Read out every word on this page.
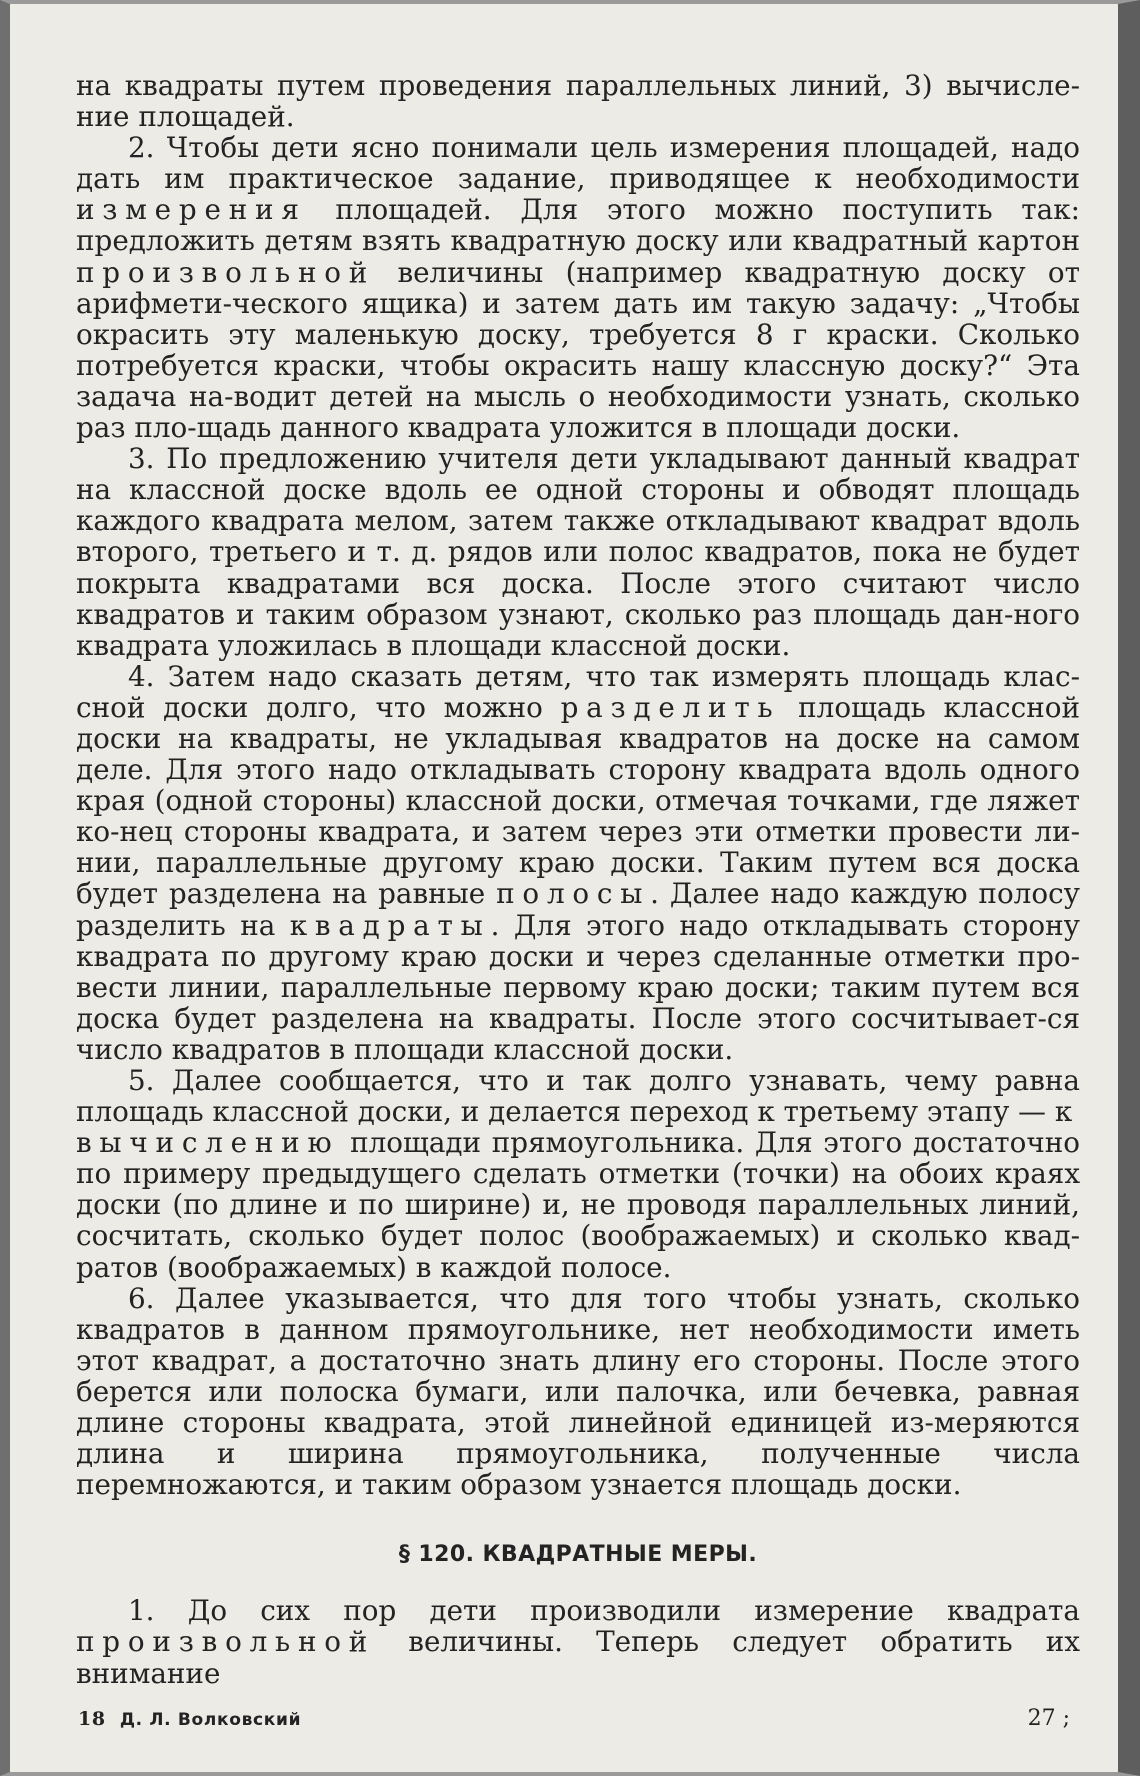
на квадраты путем проведения параллельных линий, 3) вычисле-ние площадей.

2. Чтобы дети ясно понимали цель измерения площадей, надо дать им практическое задание, приводящее к необходимости измерения площадей. Для этого можно поступить так: предложить детям взять квадратную доску или квадратный картон произвольной величины (например квадратную доску от арифмети-ческого ящика) и затем дать им такую задачу: „Чтобы окрасить эту маленькую доску, требуется 8 г краски. Сколько потребуется краски, чтобы окрасить нашу классную доску?“ Эта задача на-водит детей на мысль о необходимости узнать, сколько раз пло-щадь данного квадрата уложится в площади доски.

3. По предложению учителя дети укладывают данный квадрат на классной доске вдоль ее одной стороны и обводят площадь каждого квадрата мелом, затем также откладывают квадрат вдоль второго, третьего и т. д. рядов или полос квадратов, пока не будет покрыта квадратами вся доска. После этого считают число квадратов и таким образом узнают, сколько раз площадь дан-ного квадрата уложилась в площади классной доски.

4. Затем надо сказать детям, что так измерять площадь клас-сной доски долго, что можно разделить площадь классной доски на квадраты, не укладывая квадратов на доске на самом деле. Для этого надо откладывать сторону квадрата вдоль одного края (одной стороны) классной доски, отмечая точками, где ляжет ко-нец стороны квадрата, и затем через эти отметки провести ли-нии, параллельные другому краю доски. Таким путем вся доска будет разделена на равные полосы. Далее надо каждую полосу разделить на квадраты. Для этого надо откладывать сторону квадрата по другому краю доски и через сделанные отметки про-вести линии, параллельные первому краю доски; таким путем вся доска будет разделена на квадраты. После этого сосчитывает-ся число квадратов в площади классной доски.

5. Далее сообщается, что и так долго узнавать, чему равна площадь классной доски, и делается переход к третьему этапу — к вычислению площади прямоугольника. Для этого достаточно по примеру предыдущего сделать отметки (точки) на обоих краях доски (по длине и по ширине) и, не проводя параллельных линий, сосчитать, сколько будет полос (воображаемых) и сколько квад-ратов (воображаемых) в каждой полосе.

6. Далее указывается, что для того чтобы узнать, сколько квадратов в данном прямоугольнике, нет необходимости иметь этот квадрат, а достаточно знать длину его стороны. После этого берется или полоска бумаги, или палочка, или бечевка, равная длине стороны квадрата, этой линейной единицей из-меряются длина и ширина прямоугольника, полученные числа перемножаются, и таким образом узнается площадь доски.

§ 120. КВАДРАТНЫЕ МЕРЫ.

1. До сих пор дети производили измерение квадрата произвольной величины. Теперь следует обратить их внимание

18 Д. Л. Волковский	27 ;
